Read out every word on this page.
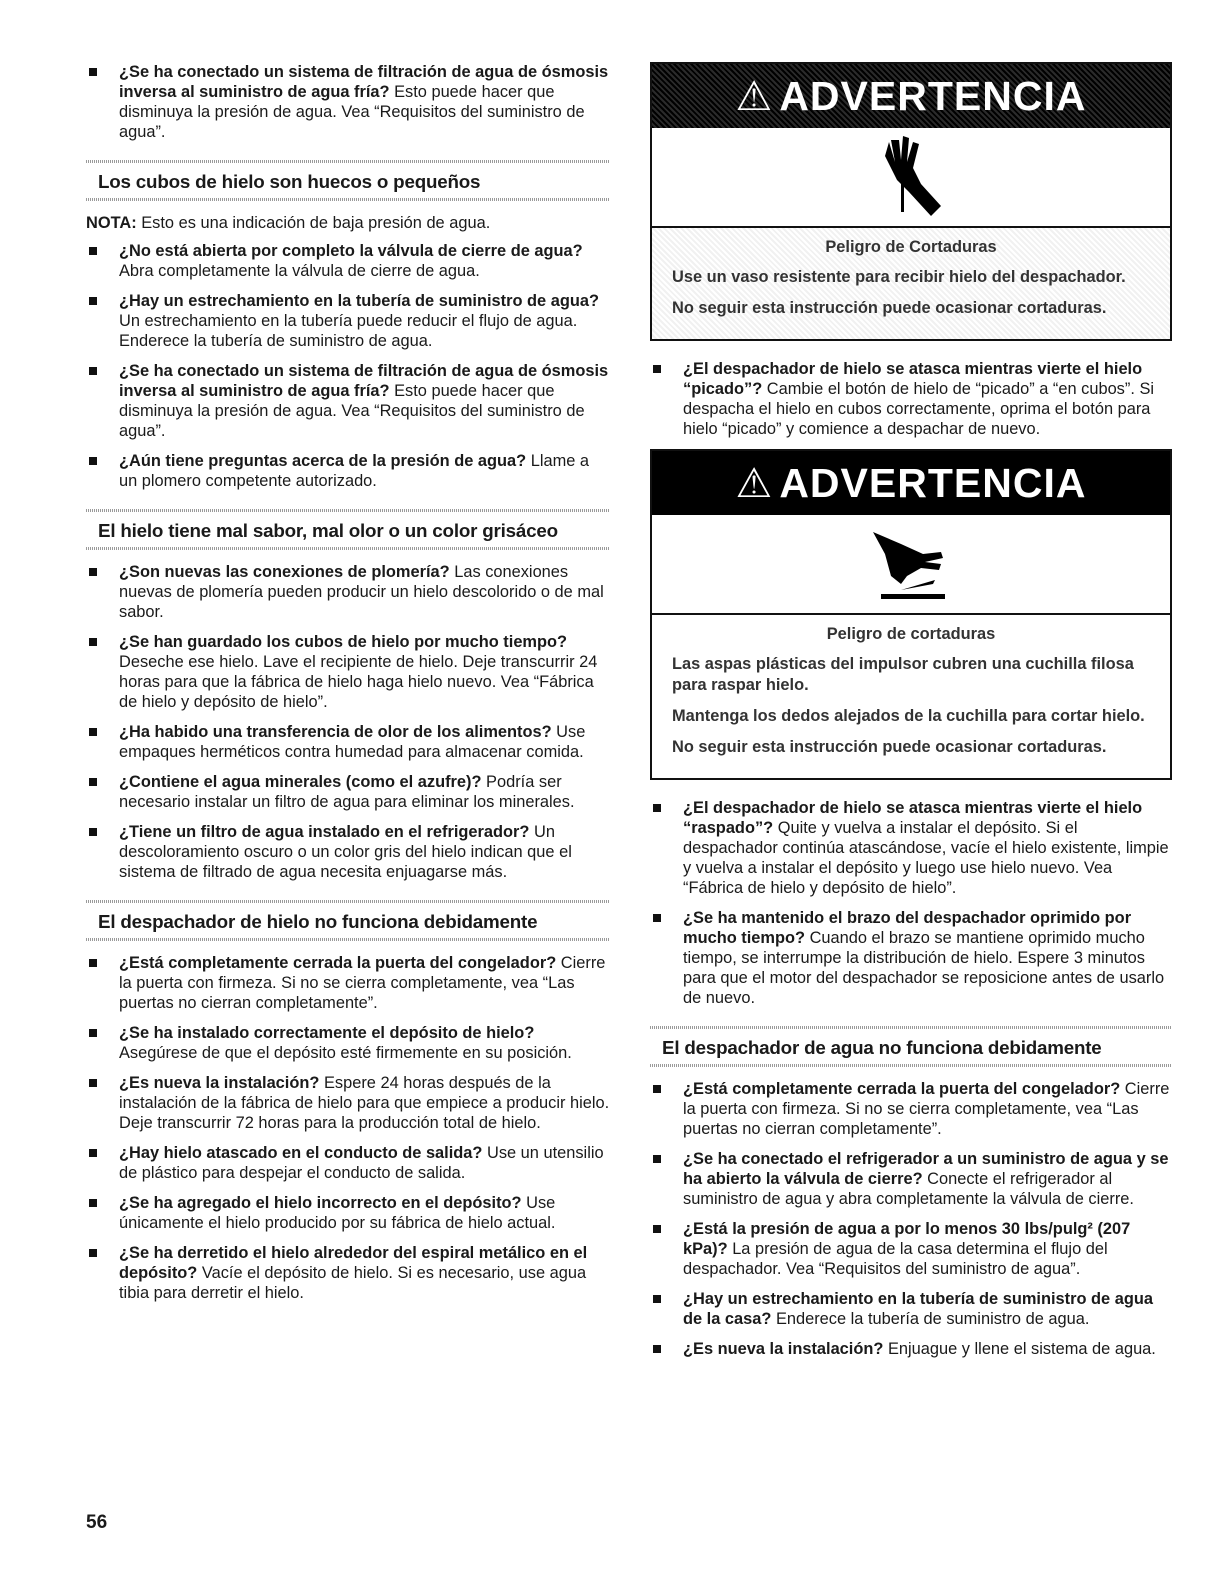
¿Se ha conectado un sistema de filtración de agua de ósmosis inversa al suministro de agua fría? Esto puede hacer que disminuya la presión de agua. Vea “Requisitos del suministro de agua”.
Los cubos de hielo son huecos o pequeños

NOTA: Esto es una indicación de baja presión de agua.

¿No está abierta por completo la válvula de cierre de agua? Abra completamente la válvula de cierre de agua.
¿Hay un estrechamiento en la tubería de suministro de agua? Un estrechamiento en la tubería puede reducir el flujo de agua. Enderece la tubería de suministro de agua.
¿Se ha conectado un sistema de filtración de agua de ósmosis inversa al suministro de agua fría? Esto puede hacer que disminuya la presión de agua. Vea “Requisitos del suministro de agua”.
¿Aún tiene preguntas acerca de la presión de agua? Llame a un plomero competente autorizado.
El hielo tiene mal sabor, mal olor o un color grisáceo
¿Son nuevas las conexiones de plomería? Las conexiones nuevas de plomería pueden producir un hielo descolorido o de mal sabor.
¿Se han guardado los cubos de hielo por mucho tiempo? Deseche ese hielo. Lave el recipiente de hielo. Deje transcurrir 24 horas para que la fábrica de hielo haga hielo nuevo. Vea “Fábrica de hielo y depósito de hielo”.
¿Ha habido una transferencia de olor de los alimentos? Use empaques herméticos contra humedad para almacenar comida.
¿Contiene el agua minerales (como el azufre)? Podría ser necesario instalar un filtro de agua para eliminar los minerales.
¿Tiene un filtro de agua instalado en el refrigerador? Un descoloramiento oscuro o un color gris del hielo indican que el sistema de filtrado de agua necesita enjuagarse más.
El despachador de hielo no funciona debidamente
¿Está completamente cerrada la puerta del congelador? Cierre la puerta con firmeza. Si no se cierra completamente, vea “Las puertas no cierran completamente”.
¿Se ha instalado correctamente el depósito de hielo? Asegúrese de que el depósito esté firmemente en su posición.
¿Es nueva la instalación? Espere 24 horas después de la instalación de la fábrica de hielo para que empiece a producir hielo. Deje transcurrir 72 horas para la producción total de hielo.
¿Hay hielo atascado en el conducto de salida? Use un utensilio de plástico para despejar el conducto de salida.
¿Se ha agregado el hielo incorrecto en el depósito? Use únicamente el hielo producido por su fábrica de hielo actual.
¿Se ha derretido el hielo alrededor del espiral metálico en el depósito? Vacíe el depósito de hielo. Si es necesario, use agua tibia para derretir el hielo.
⚠ ADVERTENCIA
Peligro de Cortaduras

Use un vaso resistente para recibir hielo del despachador.

No seguir esta instrucción puede ocasionar cortaduras.

¿El despachador de hielo se atasca mientras vierte el hielo “picado”? Cambie el botón de hielo de “picado” a “en cubos”. Si despacha el hielo en cubos correctamente, oprima el botón para hielo “picado” y comience a despachar de nuevo.
⚠ ADVERTENCIA
Peligro de cortaduras

Las aspas plásticas del impulsor cubren una cuchilla filosa para raspar hielo.

Mantenga los dedos alejados de la cuchilla para cortar hielo.

No seguir esta instrucción puede ocasionar cortaduras.

¿El despachador de hielo se atasca mientras vierte el hielo “raspado”? Quite y vuelva a instalar el depósito. Si el despachador continúa atascándose, vacíe el hielo existente, limpie y vuelva a instalar el depósito y luego use hielo nuevo. Vea “Fábrica de hielo y depósito de hielo”.
¿Se ha mantenido el brazo del despachador oprimido por mucho tiempo? Cuando el brazo se mantiene oprimido mucho tiempo, se interrumpe la distribución de hielo. Espere 3 minutos para que el motor del despachador se reposicione antes de usarlo de nuevo.
El despachador de agua no funciona debidamente
¿Está completamente cerrada la puerta del congelador? Cierre la puerta con firmeza. Si no se cierra completamente, vea “Las puertas no cierran completamente”.
¿Se ha conectado el refrigerador a un suministro de agua y se ha abierto la válvula de cierre? Conecte el refrigerador al suministro de agua y abra completamente la válvula de cierre.
¿Está la presión de agua a por lo menos 30 lbs/pulg² (207 kPa)? La presión de agua de la casa determina el flujo del despachador. Vea “Requisitos del suministro de agua”.
¿Hay un estrechamiento en la tubería de suministro de agua de la casa? Enderece la tubería de suministro de agua.
¿Es nueva la instalación? Enjuague y llene el sistema de agua.
56
